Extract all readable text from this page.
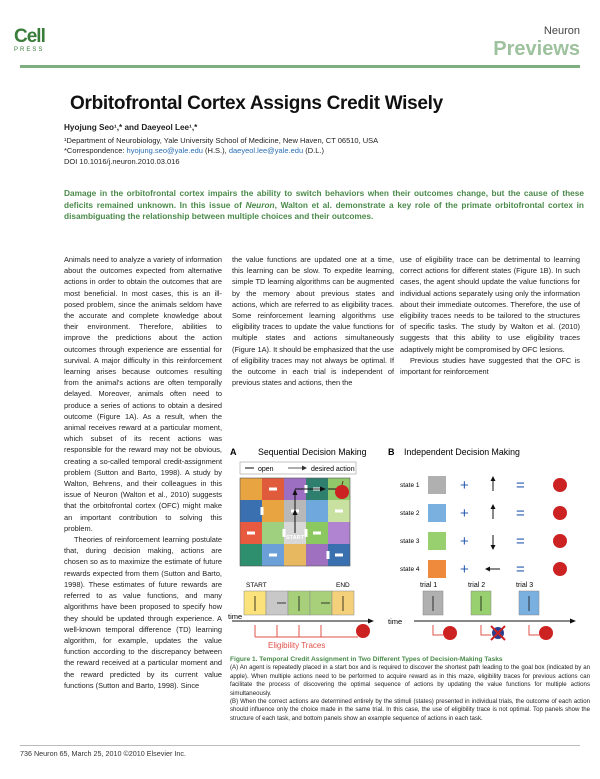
Cell
PRESS
Neuron
Previews
Orbitofrontal Cortex Assigns Credit Wisely
Hyojung Seo¹,* and Daeyeol Lee¹,*
¹Department of Neurobiology, Yale University School of Medicine, New Haven, CT 06510, USA
*Correspondence: hyojung.seo@yale.edu (H.S.), daeyeol.lee@yale.edu (D.L.)
DOI 10.1016/j.neuron.2010.03.016
Damage in the orbitofrontal cortex impairs the ability to switch behaviors when their outcomes change, but the cause of these deficits remained unknown. In this issue of Neuron, Walton et al. demonstrate a key role of the primate orbitofrontal cortex in disambiguating the relationship between multiple choices and their outcomes.

Animals need to analyze a variety of information about the outcomes expected from alternative actions in order to obtain the outcomes that are most beneficial. In most cases, this is an ill-posed problem, since the animals seldom have the accurate and complete knowledge about their environment. Therefore, abilities to improve the predictions about the action outcomes through experience are essential for survival. A major difficulty in this reinforcement learning arises because outcomes resulting from the animal's actions are often temporally delayed. Moreover, animals often need to produce a series of actions to obtain a desired outcome (Figure 1A). As a result, when the animal receives reward at a particular moment, which subset of its recent actions was responsible for the reward may not be obvious, creating a so-called temporal credit-assignment problem (Sutton and Barto, 1998). A study by Walton, Behrens, and their colleagues in this issue of Neuron (Walton et al., 2010) suggests that the orbitofrontal cortex (OFC) might make an important contribution to solving this problem.

Theories of reinforcement learning postulate that, during decision making, actions are chosen so as to maximize the estimate of future rewards expected from them (Sutton and Barto, 1998). These estimates of future rewards are referred to as value functions, and many algorithms have been proposed to specify how they should be updated through experience. A well-known temporal difference (TD) learning algorithm, for example, updates the value function according to the discrepancy between the reward received at a particular moment and the reward predicted by its current value functions (Sutton and Barto, 1998). Since

the value functions are updated one at a time, this learning can be slow. To expedite learning, simple TD learning algorithms can be augmented by the memory about previous states and actions, which are referred to as eligibility traces. Some reinforcement learning algorithms use eligibility traces to update the value functions for multiple states and actions simultaneously (Figure 1A). It should be emphasized that the use of eligibility traces may not always be optimal. If the outcome in each trial is independent of previous states and actions, then the

use of eligibility trace can be detrimental to learning correct actions for different states (Figure 1B). In such cases, the agent should update the value functions for individual actions separately using only the information about their immediate outcomes. Therefore, the use of eligibility traces needs to be tailored to the structures of specific tasks. The study by Walton et al. (2010) suggests that this ability to use eligibility traces adaptively might be compromised by OFC lesions.

Previous studies have suggested that the OFC is important for reinforcement

A Sequential Decision Making
open	desired action
START
START	END
time
Eligibility Traces
B Independent Decision Making
state 1	+	=
state 2	+	=
state 3	+	=
state 4	+	=
trial 1	trial 2	trial 3
time
Figure 1. Temporal Credit Assignment in Two Different Types of Decision-Making Tasks
(A) An agent is repeatedly placed in a start box and is required to discover the shortest path leading to the goal box (indicated by an apple). When multiple actions need to be performed to acquire reward as in this maze, eligibility traces for previous actions can facilitate the process of discovering the optimal sequence of actions by updating the value functions for multiple actions simultaneously.
(B) When the correct actions are determined entirely by the stimuli (states) presented in individual trials, the outcome of each action should influence only the choice made in the same trial. In this case, the use of eligibility trace is not optimal. Top panels show the structure of each task, and bottom panels show an example sequence of actions in each task.
736 Neuron 65, March 25, 2010 ©2010 Elsevier Inc.
